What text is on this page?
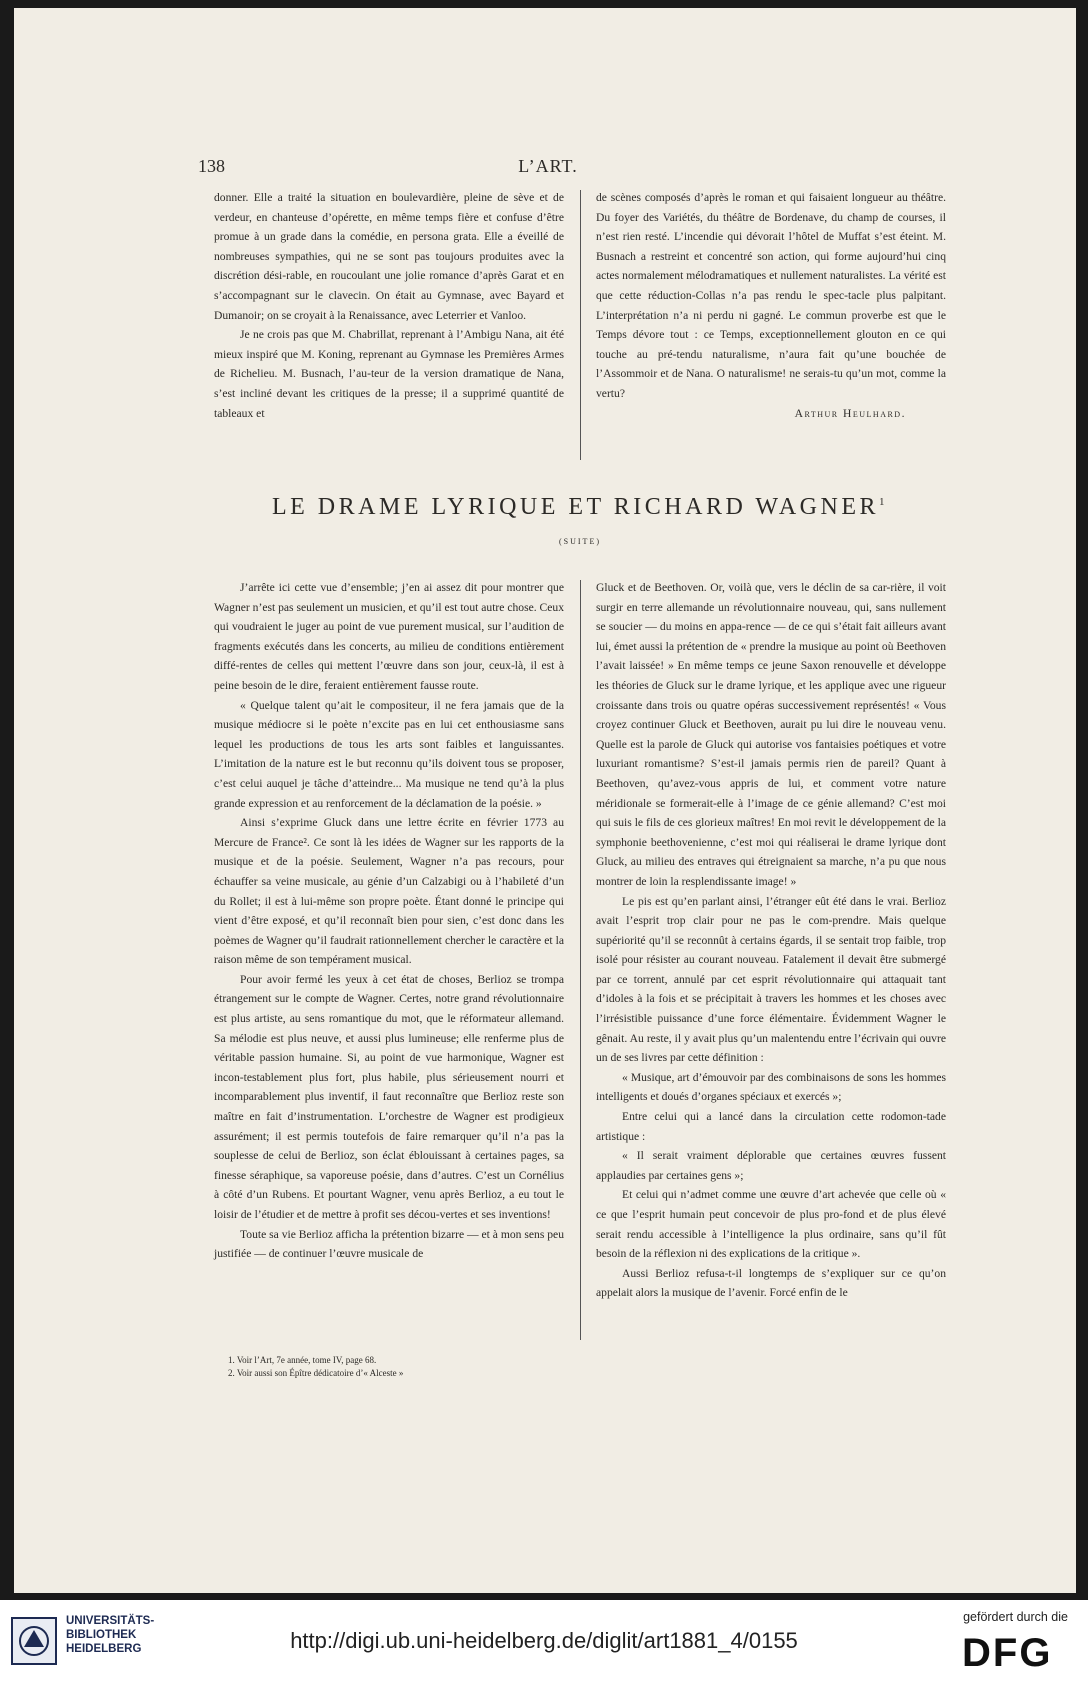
138	L’ART.

donner. Elle a traité la situation en boulevardière, pleine de sève et de verdeur, en chanteuse d’opérette, en même temps fière et confuse d’être promue à un grade dans la comédie, en persona grata. Elle a éveillé de nombreuses sympathies, qui ne se sont pas toujours produites avec la discrétion dési-rable, en roucoulant une jolie romance d’après Garat et en s’accompagnant sur le clavecin. On était au Gymnase, avec Bayard et Dumanoir; on se croyait à la Renaissance, avec Leterrier et Vanloo.

Je ne crois pas que M. Chabrillat, reprenant à l’Ambigu Nana, ait été mieux inspiré que M. Koning, reprenant au Gymnase les Premières Armes de Richelieu. M. Busnach, l’au-teur de la version dramatique de Nana, s’est incliné devant les critiques de la presse; il a supprimé quantité de tableaux et

de scènes composés d’après le roman et qui faisaient longueur au théâtre. Du foyer des Variétés, du théâtre de Bordenave, du champ de courses, il n’est rien resté. L’incendie qui dévorait l’hôtel de Muffat s’est éteint. M. Busnach a restreint et concentré son action, qui forme aujourd’hui cinq actes normalement mélodramatiques et nullement naturalistes. La vérité est que cette réduction-Collas n’a pas rendu le spec-tacle plus palpitant. L’interprétation n’a ni perdu ni gagné. Le commun proverbe est que le Temps dévore tout : ce Temps, exceptionnellement glouton en ce qui touche au pré-tendu naturalisme, n’aura fait qu’une bouchée de l’Assommoir et de Nana. O naturalisme! ne serais-tu qu’un mot, comme la vertu?

Arthur Heulhard.

LE DRAME LYRIQUE ET RICHARD WAGNER$^1$
(SUITE)

J’arrête ici cette vue d’ensemble; j’en ai assez dit pour montrer que Wagner n’est pas seulement un musicien, et qu’il est tout autre chose. Ceux qui voudraient le juger au point de vue purement musical, sur l’audition de fragments exécutés dans les concerts, au milieu de conditions entièrement diffé-rentes de celles qui mettent l’œuvre dans son jour, ceux-là, il est à peine besoin de le dire, feraient entièrement fausse route.

« Quelque talent qu’ait le compositeur, il ne fera jamais que de la musique médiocre si le poète n’excite pas en lui cet enthousiasme sans lequel les productions de tous les arts sont faibles et languissantes. L’imitation de la nature est le but reconnu qu’ils doivent tous se proposer, c’est celui auquel je tâche d’atteindre... Ma musique ne tend qu’à la plus grande expression et au renforcement de la déclamation de la poésie. »

Ainsi s’exprime Gluck dans une lettre écrite en février 1773 au Mercure de France². Ce sont là les idées de Wagner sur les rapports de la musique et de la poésie. Seulement, Wagner n’a pas recours, pour échauffer sa veine musicale, au génie d’un Calzabigi ou à l’habileté d’un du Rollet; il est à lui-même son propre poète. Étant donné le principe qui vient d’être exposé, et qu’il reconnaît bien pour sien, c’est donc dans les poèmes de Wagner qu’il faudrait rationnellement chercher le caractère et la raison même de son tempérament musical.

Pour avoir fermé les yeux à cet état de choses, Berlioz se trompa étrangement sur le compte de Wagner. Certes, notre grand révolutionnaire est plus artiste, au sens romantique du mot, que le réformateur allemand. Sa mélodie est plus neuve, et aussi plus lumineuse; elle renferme plus de véritable passion humaine. Si, au point de vue harmonique, Wagner est incon-testablement plus fort, plus habile, plus sérieusement nourri et incomparablement plus inventif, il faut reconnaître que Berlioz reste son maître en fait d’instrumentation. L’orchestre de Wagner est prodigieux assurément; il est permis toutefois de faire remarquer qu’il n’a pas la souplesse de celui de Berlioz, son éclat éblouissant à certaines pages, sa finesse séraphique, sa vaporeuse poésie, dans d’autres. C’est un Cornélius à côté d’un Rubens. Et pourtant Wagner, venu après Berlioz, a eu tout le loisir de l’étudier et de mettre à profit ses décou-vertes et ses inventions!

Toute sa vie Berlioz afficha la prétention bizarre — et à mon sens peu justifiée — de continuer l’œuvre musicale de

Gluck et de Beethoven. Or, voilà que, vers le déclin de sa car-rière, il voit surgir en terre allemande un révolutionnaire nouveau, qui, sans nullement se soucier — du moins en appa-rence — de ce qui s’était fait ailleurs avant lui, émet aussi la prétention de « prendre la musique au point où Beethoven l’avait laissée! » En même temps ce jeune Saxon renouvelle et développe les théories de Gluck sur le drame lyrique, et les applique avec une rigueur croissante dans trois ou quatre opéras successivement représentés! « Vous croyez continuer Gluck et Beethoven, aurait pu lui dire le nouveau venu. Quelle est la parole de Gluck qui autorise vos fantaisies poétiques et votre luxuriant romantisme? S’est-il jamais permis rien de pareil? Quant à Beethoven, qu’avez-vous appris de lui, et comment votre nature méridionale se formerait-elle à l’image de ce génie allemand? C’est moi qui suis le fils de ces glorieux maîtres! En moi revit le développement de la symphonie beethovenienne, c’est moi qui réaliserai le drame lyrique dont Gluck, au milieu des entraves qui étreignaient sa marche, n’a pu que nous montrer de loin la resplendissante image! »

Le pis est qu’en parlant ainsi, l’étranger eût été dans le vrai. Berlioz avait l’esprit trop clair pour ne pas le com-prendre. Mais quelque supériorité qu’il se reconnût à certains égards, il se sentait trop faible, trop isolé pour résister au courant nouveau. Fatalement il devait être submergé par ce torrent, annulé par cet esprit révolutionnaire qui attaquait tant d’idoles à la fois et se précipitait à travers les hommes et les choses avec l’irrésistible puissance d’une force élémentaire. Évidemment Wagner le gênait. Au reste, il y avait plus qu’un malentendu entre l’écrivain qui ouvre un de ses livres par cette définition :

« Musique, art d’émouvoir par des combinaisons de sons les hommes intelligents et doués d’organes spéciaux et exercés »;

Entre celui qui a lancé dans la circulation cette rodomon-tade artistique :

« Il serait vraiment déplorable que certaines œuvres fussent applaudies par certaines gens »;

Et celui qui n’admet comme une œuvre d’art achevée que celle où « ce que l’esprit humain peut concevoir de plus pro-fond et de plus élevé serait rendu accessible à l’intelligence la plus ordinaire, sans qu’il fût besoin de la réflexion ni des explications de la critique ».

Aussi Berlioz refusa-t-il longtemps de s’expliquer sur ce qu’on appelait alors la musique de l’avenir. Forcé enfin de le

1. Voir l’Art, 7e année, tome IV, page 68.

2. Voir aussi son Épître dédicatoire d’« Alceste »

UNIVERSITÄTS-
BIBLIOTHEK
HEIDELBERG	http://digi.ub.uni-heidelberg.de/diglit/art1881_4/0155
gefördert durch die
DFG
